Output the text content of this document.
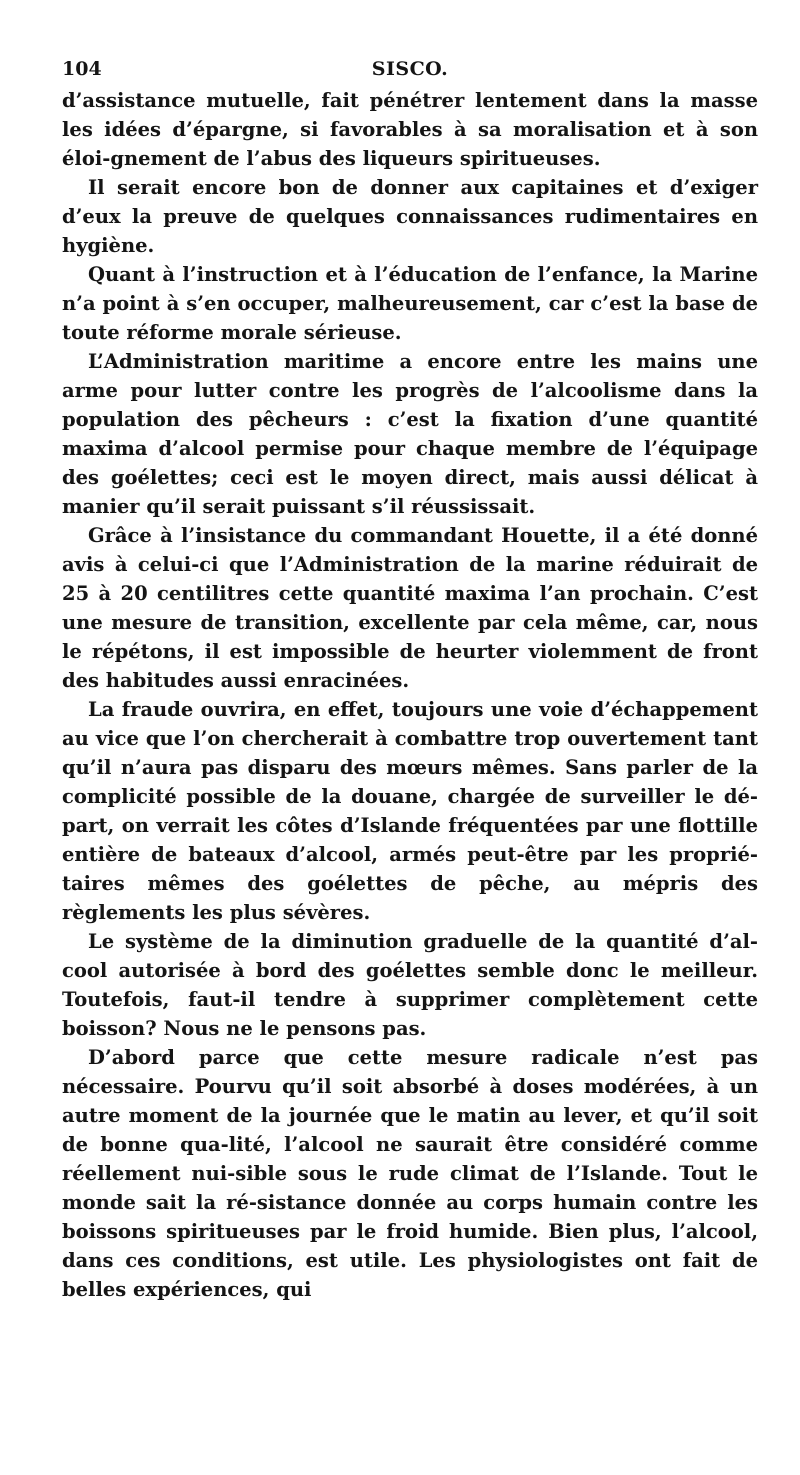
104	SISCO.

d’assistance mutuelle, fait pénétrer lentement dans la masse les idées d’épargne, si favorables à sa moralisation et à son éloi-gnement de l’abus des liqueurs spiritueuses.

Il serait encore bon de donner aux capitaines et d’exiger d’eux la preuve de quelques connaissances rudimentaires en hygiène.

Quant à l’instruction et à l’éducation de l’enfance, la Marine n’a point à s’en occuper, malheureusement, car c’est la base de toute réforme morale sérieuse.

L’Administration maritime a encore entre les mains une arme pour lutter contre les progrès de l’alcoolisme dans la population des pêcheurs : c’est la fixation d’une quantité maxima d’alcool permise pour chaque membre de l’équipage des goélettes; ceci est le moyen direct, mais aussi délicat à manier qu’il serait puissant s’il réussissait.

Grâce à l’insistance du commandant Houette, il a été donné avis à celui-ci que l’Administration de la marine réduirait de 25 à 20 centilitres cette quantité maxima l’an prochain. C’est une mesure de transition, excellente par cela même, car, nous le répétons, il est impossible de heurter violemment de front des habitudes aussi enracinées.

La fraude ouvrira, en effet, toujours une voie d’échappement au vice que l’on chercherait à combattre trop ouvertement tant qu’il n’aura pas disparu des mœurs mêmes. Sans parler de la complicité possible de la douane, chargée de surveiller le dé-part, on verrait les côtes d’Islande fréquentées par une flottille entière de bateaux d’alcool, armés peut-être par les proprié-taires mêmes des goélettes de pêche, au mépris des règlements les plus sévères.

Le système de la diminution graduelle de la quantité d’al-cool autorisée à bord des goélettes semble donc le meilleur. Toutefois, faut-il tendre à supprimer complètement cette boisson? Nous ne le pensons pas.

D’abord parce que cette mesure radicale n’est pas nécessaire. Pourvu qu’il soit absorbé à doses modérées, à un autre moment de la journée que le matin au lever, et qu’il soit de bonne qua-lité, l’alcool ne saurait être considéré comme réellement nui-sible sous le rude climat de l’Islande. Tout le monde sait la ré-sistance donnée au corps humain contre les boissons spiritueuses par le froid humide. Bien plus, l’alcool, dans ces conditions, est utile. Les physiologistes ont fait de belles expériences, qui
